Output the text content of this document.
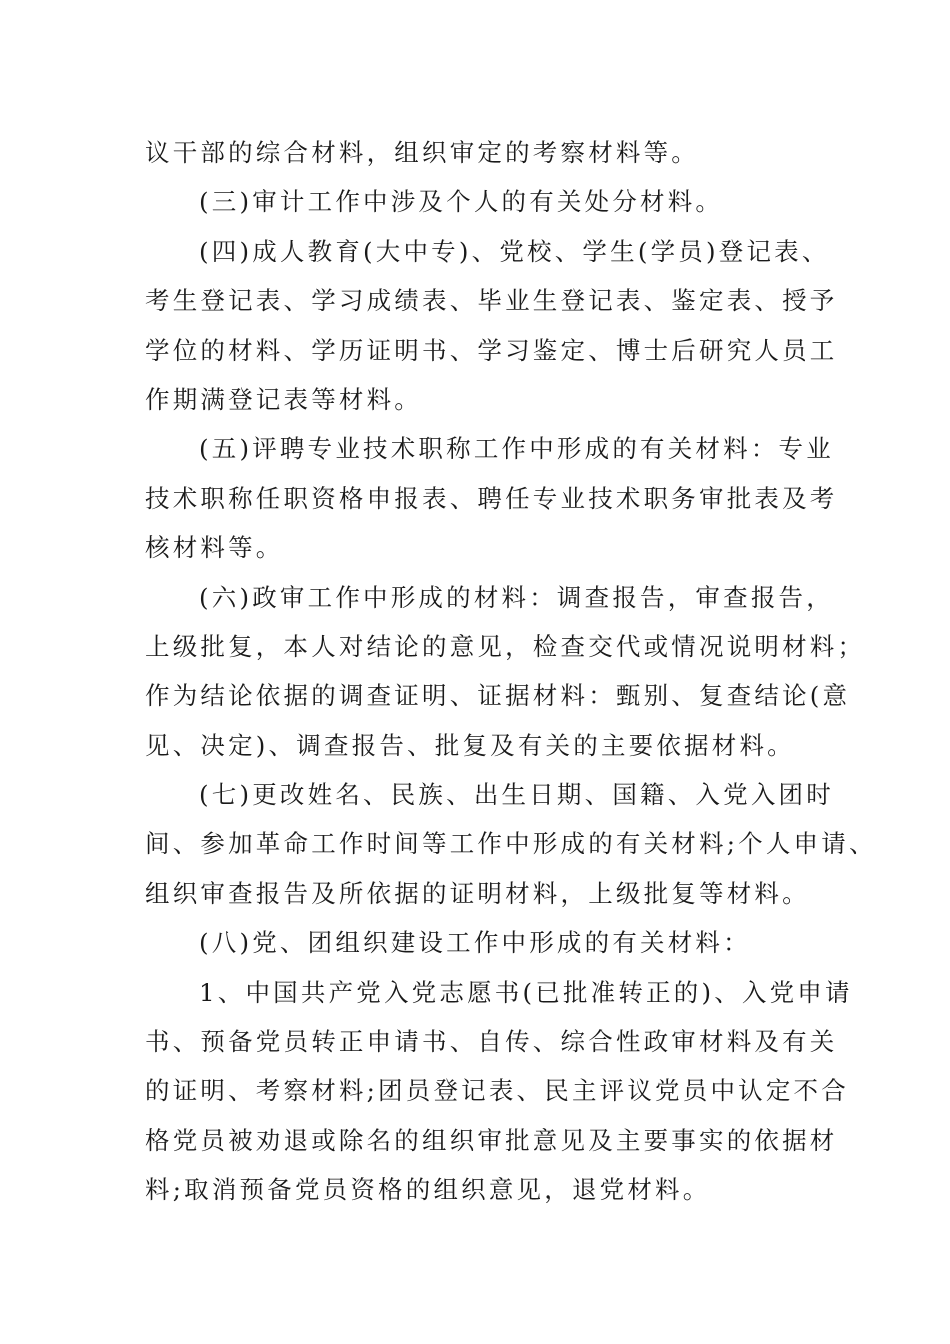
议干部的综合材料，组织审定的考察材料等。
(三)审计工作中涉及个人的有关处分材料。
(四)成人教育(大中专)、党校、学生(学员)登记表、
考生登记表、学习成绩表、毕业生登记表、鉴定表、授予
学位的材料、学历证明书、学习鉴定、博士后研究人员工
作期满登记表等材料。
(五)评聘专业技术职称工作中形成的有关材料：专业
技术职称任职资格申报表、聘任专业技术职务审批表及考
核材料等。
(六)政审工作中形成的材料：调查报告，审查报告，
上级批复，本人对结论的意见，检查交代或情况说明材料；
作为结论依据的调查证明、证据材料：甄别、复查结论(意
见、决定)、调查报告、批复及有关的主要依据材料。
(七)更改姓名、民族、出生日期、国籍、入党入团时
间、参加革命工作时间等工作中形成的有关材料;个人申请、
组织审查报告及所依据的证明材料，上级批复等材料。
(八)党、团组织建设工作中形成的有关材料：
1、中国共产党入党志愿书(已批准转正的)、入党申请
书、预备党员转正申请书、自传、综合性政审材料及有关
的证明、考察材料;团员登记表、民主评议党员中认定不合
格党员被劝退或除名的组织审批意见及主要事实的依据材
料;取消预备党员资格的组织意见，退党材料。
